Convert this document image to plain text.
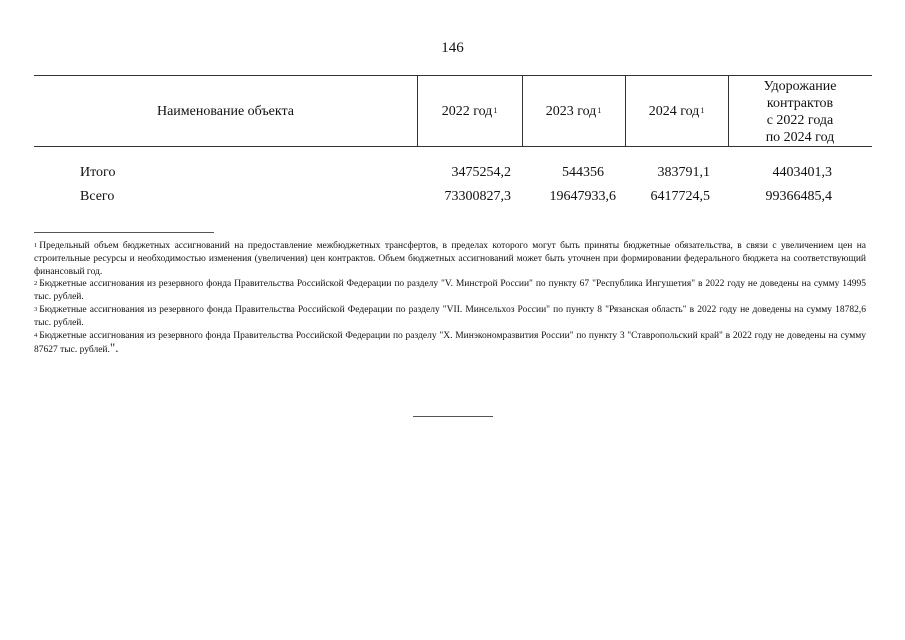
146
Наименование объекта	2022 год$^1$	2023 год$^1$	2024 год$^1$
Удорожание
контрактов
с 2022 года
по 2024 год
Итого	3475254,2	544356	383791,1	4403401,3
Всего	73300827,3	19647933,6	6417724,5	99366485,4

$^1$ Предельный объем бюджетных ассигнований на предоставление межбюджетных трансфертов, в пределах которого могут быть приняты бюджетные обязательства, в связи с увеличением цен на строительные ресурсы и необходимостью изменения (увеличения) цен контрактов. Объем бюджетных ассигнований может быть уточнен при формировании федерального бюджета на соответствующий финансовый год.

$^2$ Бюджетные ассигнования из резервного фонда Правительства Российской Федерации по разделу "V. Минстрой России" по пункту 67 "Республика Ингушетия" в 2022 году не доведены на сумму 14995 тыс. рублей.

$^3$ Бюджетные ассигнования из резервного фонда Правительства Российской Федерации по разделу "VII. Минсельхоз России" по пункту 8 "Рязанская область" в 2022 году не доведены на сумму 18782,6 тыс. рублей.

$^4$ Бюджетные ассигнования из резервного фонда Правительства Российской Федерации по разделу "X. Минэкономразвития России" по пункту 3 "Ставропольский край" в 2022 году не доведены на сумму 87627 тыс. рублей.".
